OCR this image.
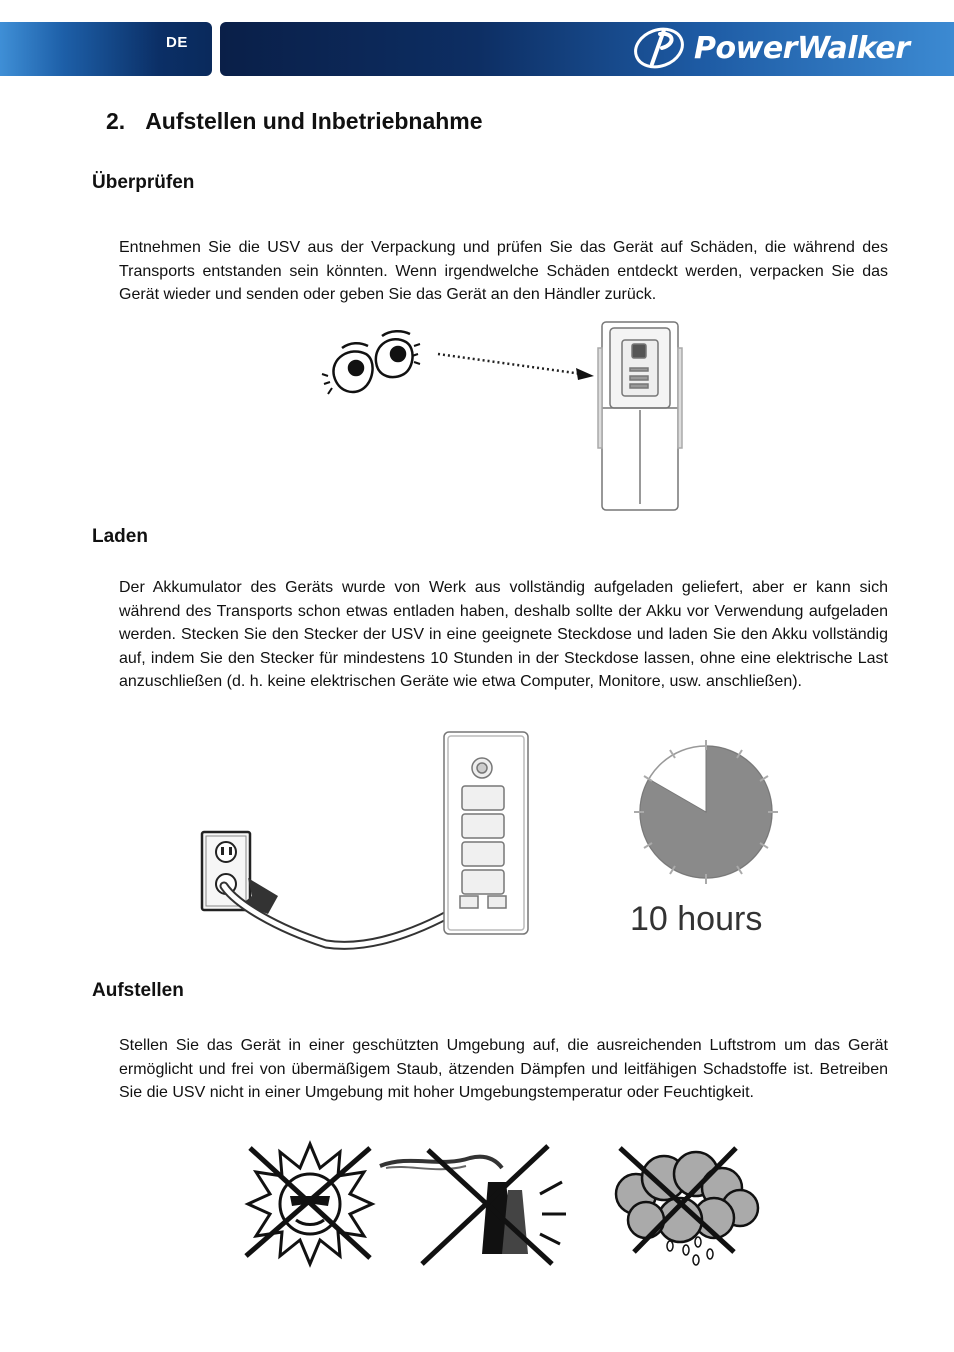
DE	PowerWalker
2. Aufstellen und Inbetriebnahme
Überprüfen

Entnehmen Sie die USV aus der Verpackung und prüfen Sie das Gerät auf Schäden, die während des Transports entstanden sein könnten. Wenn irgendwelche Schäden entdeckt werden, verpacken Sie das Gerät wieder und senden oder geben Sie das Gerät an den Händler zurück.

Laden

Der Akkumulator des Geräts wurde von Werk aus vollständig aufgeladen geliefert, aber er kann sich während des Transports schon etwas entladen haben, deshalb sollte der Akku vor Verwendung aufgeladen werden. Stecken Sie den Stecker der USV in eine geeignete Steckdose und laden Sie den Akku vollständig auf, indem Sie den Stecker für mindestens 10 Stunden in der Steckdose lassen, ohne eine elektrische Last anzuschließen (d. h. keine elektrischen Geräte wie etwa Computer, Monitore, usw. anschließen).

10 hours
Aufstellen

Stellen Sie das Gerät in einer geschützten Umgebung auf, die ausreichenden Luftstrom um das Gerät ermöglicht und frei von übermäßigem Staub, ätzenden Dämpfen und leitfähigen Schadstoffe ist. Betreiben Sie die USV nicht in einer Umgebung mit hoher Umgebungstemperatur oder Feuchtigkeit.
